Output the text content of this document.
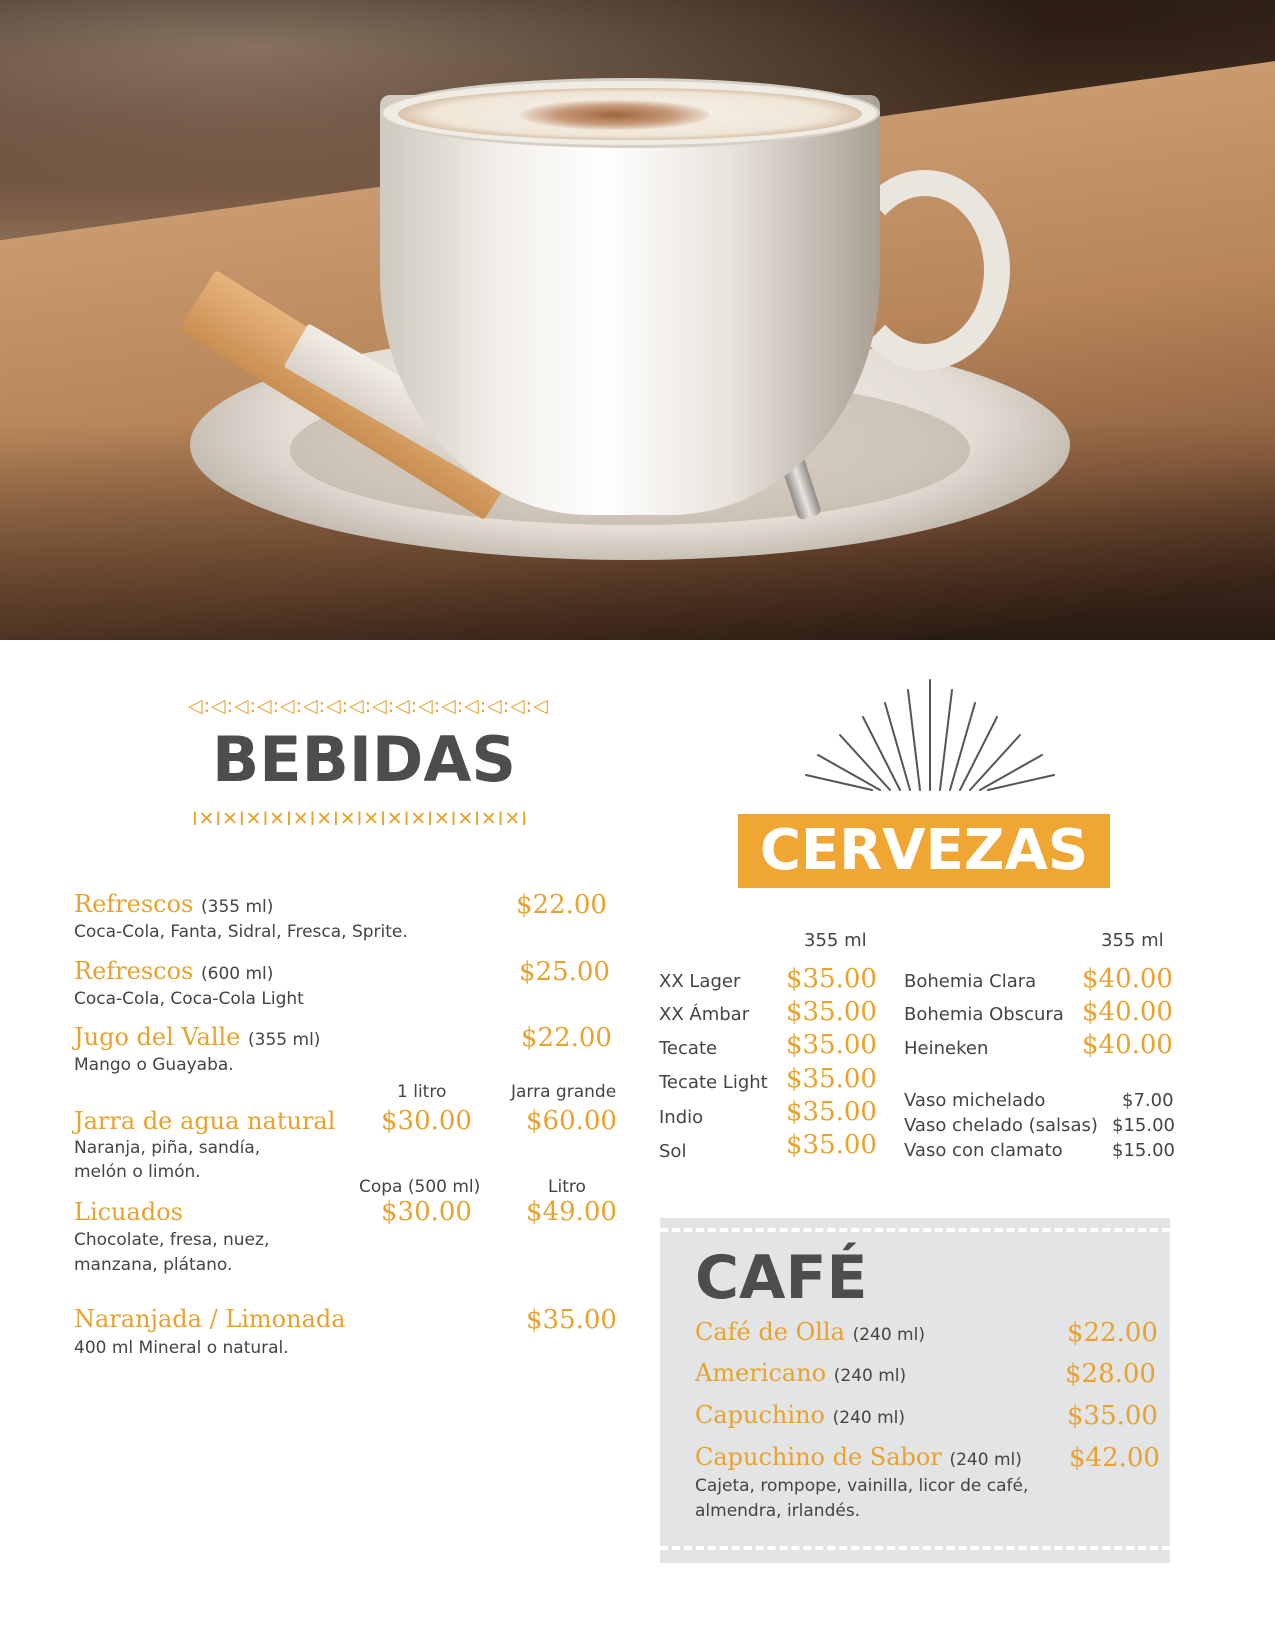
◁:◁:◁:◁:◁:◁:◁:◁:◁:◁:◁:◁:◁:◁:◁:◁
BEBIDAS
I✕I✕I✕I✕I✕I✕I✕I✕I✕I✕I✕I✕I✕I✕I
Refrescos (355 ml)	$22.00
Coca-Cola, Fanta, Sidral, Fresca, Sprite.
Refrescos (600 ml)	$25.00
Coca-Cola, Coca-Cola Light
Jugo del Valle (355 ml)	$22.00
Mango o Guayaba.
1 litro	Jarra grande
Jarra de agua natural $30.00 $60.00
Naranja, piña, sandía,
melón o limón.
Copa (500 ml)	Litro
Licuados	$30.00 $49.00
Chocolate, fresa, nuez,
manzana, plátano.
Naranjada / Limonada	$35.00
400 ml Mineral o natural.
CERVEZAS
355 ml	355 ml
XX Lager $35.00
XX Ámbar $35.00
Tecate	$35.00
Tecate Light $35.00
Indio	$35.00
Sol	$35.00
Bohemia Clara $40.00
Bohemia Obscura $40.00
Heineken	$40.00
Vaso michelado	$7.00
Vaso chelado (salsas) $15.00
Vaso con clamato	$15.00
CAFÉ
Café de Olla (240 ml)	$22.00
Americano (240 ml)	$28.00
Capuchino (240 ml)	$35.00
Capuchino de Sabor (240 ml) $42.00
Cajeta, rompope, vainilla, licor de café,
almendra, irlandés.
